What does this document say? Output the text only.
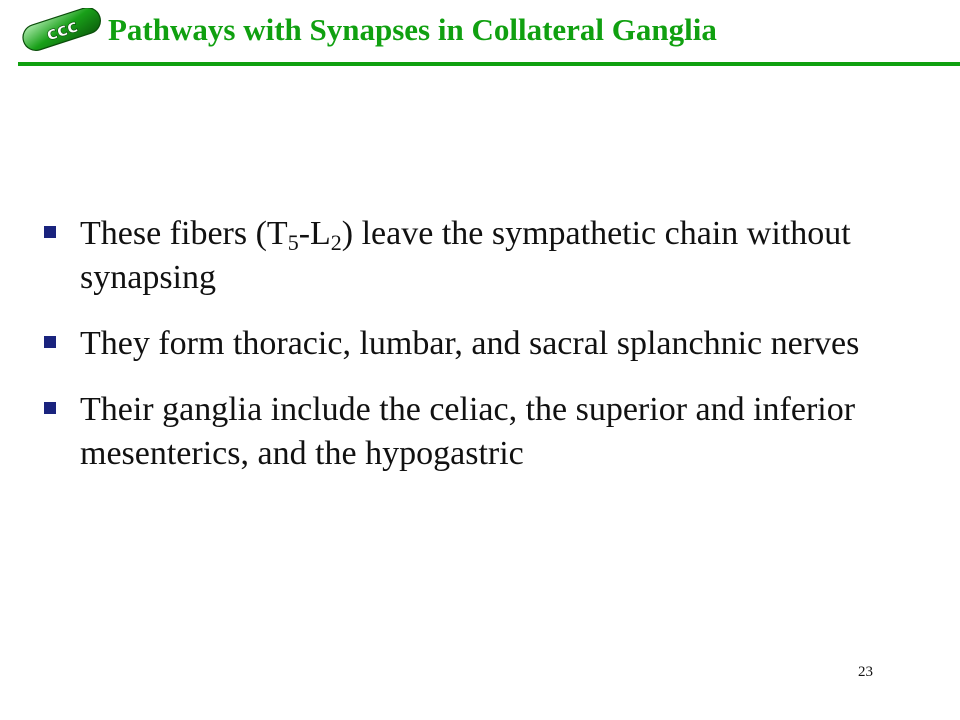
ccc Pathways with Synapses in Collateral Ganglia
These fibers $(T_5-L_2)$ leave the sympathetic chain without synapsing
They form thoracic, lumbar, and sacral splanchnic nerves
Their ganglia include the celiac, the superior and inferior mesenterics, and the hypogastric
23
